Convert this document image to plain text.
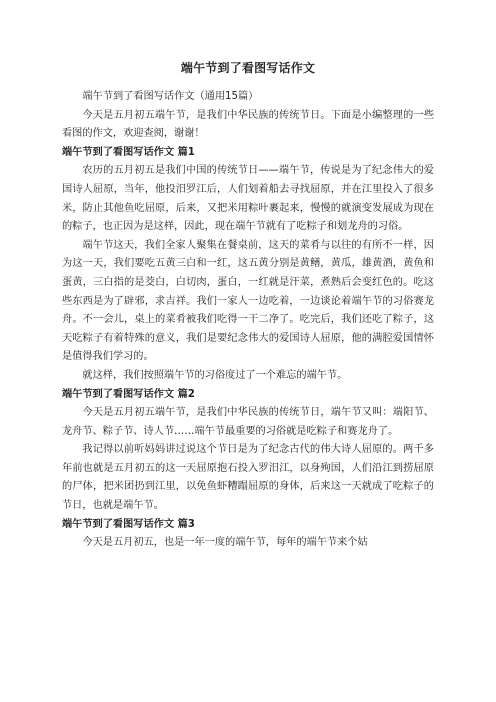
端午节到了看图写话作文

端午节到了看图写话作文（通用15篇）

今天是五月初五端午节，是我们中华民族的传统节日。下面是小编整理的一些看图的作文，欢迎查阅，谢谢！

端午节到了看图写话作文 篇1

农历的五月初五是我们中国的传统节日——端午节，传说是为了纪念伟大的爱国诗人屈原，当年，他投汨罗江后，人们划着船去寻找屈原，并在江里投入了很多米，防止其他鱼吃屈原，后来，又把米用粽叶裹起来，慢慢的就演变发展成为现在的粽子，也正因为是这样，因此，现在端午节就有了吃粽子和划龙舟的习俗。

端午节这天，我们全家人聚集在餐桌前，这天的菜肴与以往的有所不一样，因为这一天，我们要吃五黄三白和一红，这五黄分别是黄鳝，黄瓜，雄黄酒，黄鱼和蛋黄，三白指的是茭白，白切肉，蛋白，一红就是汗菜，煮熟后会变红色的。吃这些东西是为了辟邪，求吉祥。我们一家人一边吃着，一边谈论着端午节的习俗赛龙舟。不一会儿，桌上的菜肴被我们吃得一干二净了。吃完后，我们还吃了粽子，这天吃粽子有着特殊的意义，我们是要纪念伟大的爱国诗人屈原，他的满腔爱国情怀是值得我们学习的。

就这样，我们按照端午节的习俗度过了一个难忘的端午节。

端午节到了看图写话作文 篇2

今天是五月初五端午节，是我们中华民族的传统节日，端午节又叫：端阳节、龙舟节、粽子节、诗人节……端午节最重要的习俗就是吃粽子和赛龙舟了。

我记得以前听妈妈讲过说这个节日是为了纪念古代的伟大诗人屈原的。两千多年前也就是五月初五的这一天屈原抱石投入罗汨江，以身殉国，人们沿江到捞屈原的尸体，把米团扔到江里，以免鱼虾糟蹋屈原的身体，后来这一天就成了吃粽子的节日，也就是端午节。

端午节到了看图写话作文 篇3

今天是五月初五，也是一年一度的端午节，每年的端午节来个姑
